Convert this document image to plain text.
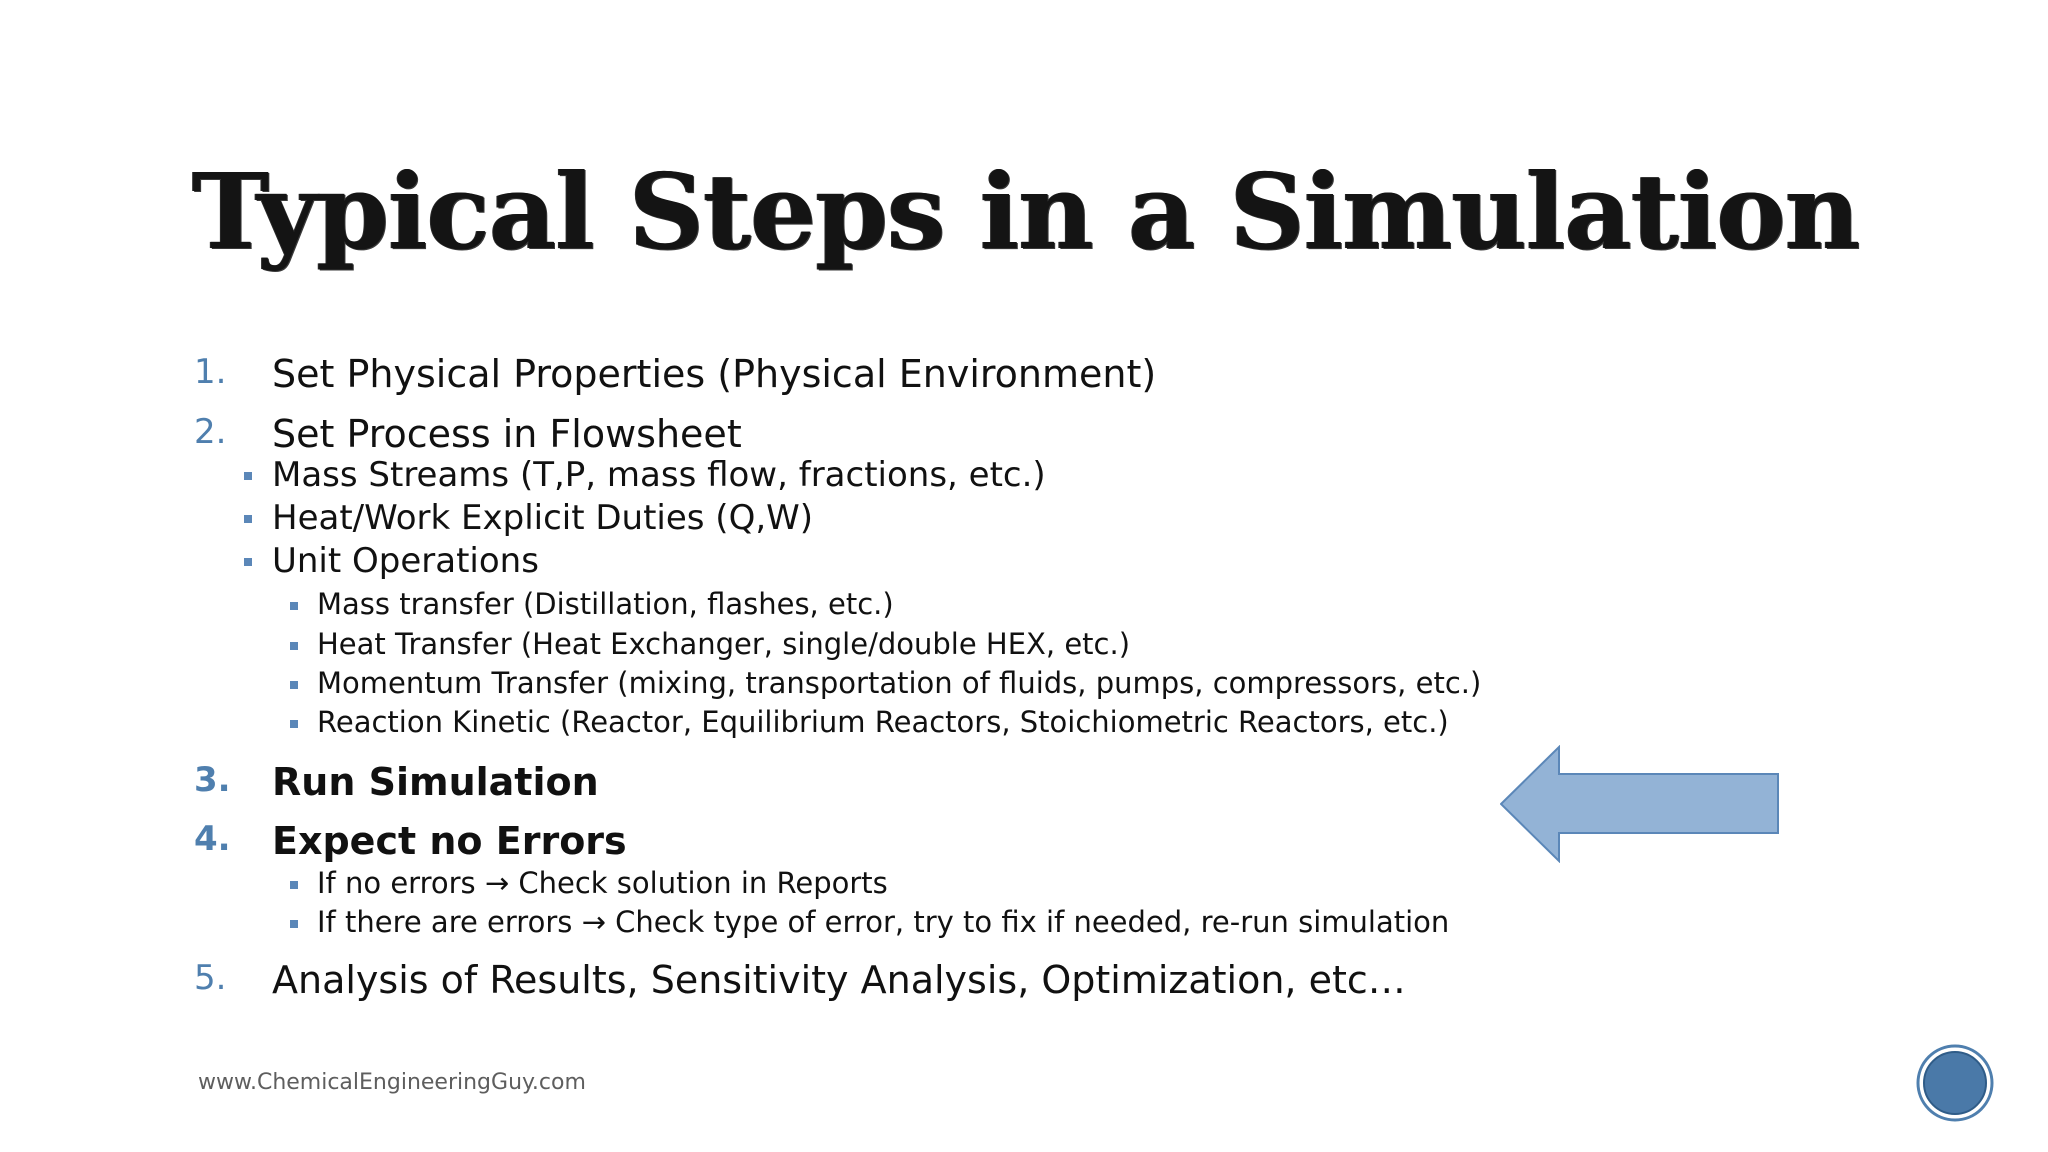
Typical Steps in a Simulation
1. Set Physical Properties (Physical Environment)
2. Set Process in Flowsheet
Mass Streams (T,P, mass flow, fractions, etc.)
Heat/Work Explicit Duties (Q,W)
Unit Operations
Mass transfer (Distillation, flashes, etc.)
Heat Transfer (Heat Exchanger, single/double HEX, etc.)
Momentum Transfer (mixing, transportation of fluids, pumps, compressors, etc.)
Reaction Kinetic (Reactor, Equilibrium Reactors, Stoichiometric Reactors, etc.)
3. Run Simulation
4. Expect no Errors
If no errors → Check solution in Reports
If there are errors → Check type of error, try to fix if needed, re-run simulation
5. Analysis of Results, Sensitivity Analysis, Optimization, etc…
www.ChemicalEngineeringGuy.com
